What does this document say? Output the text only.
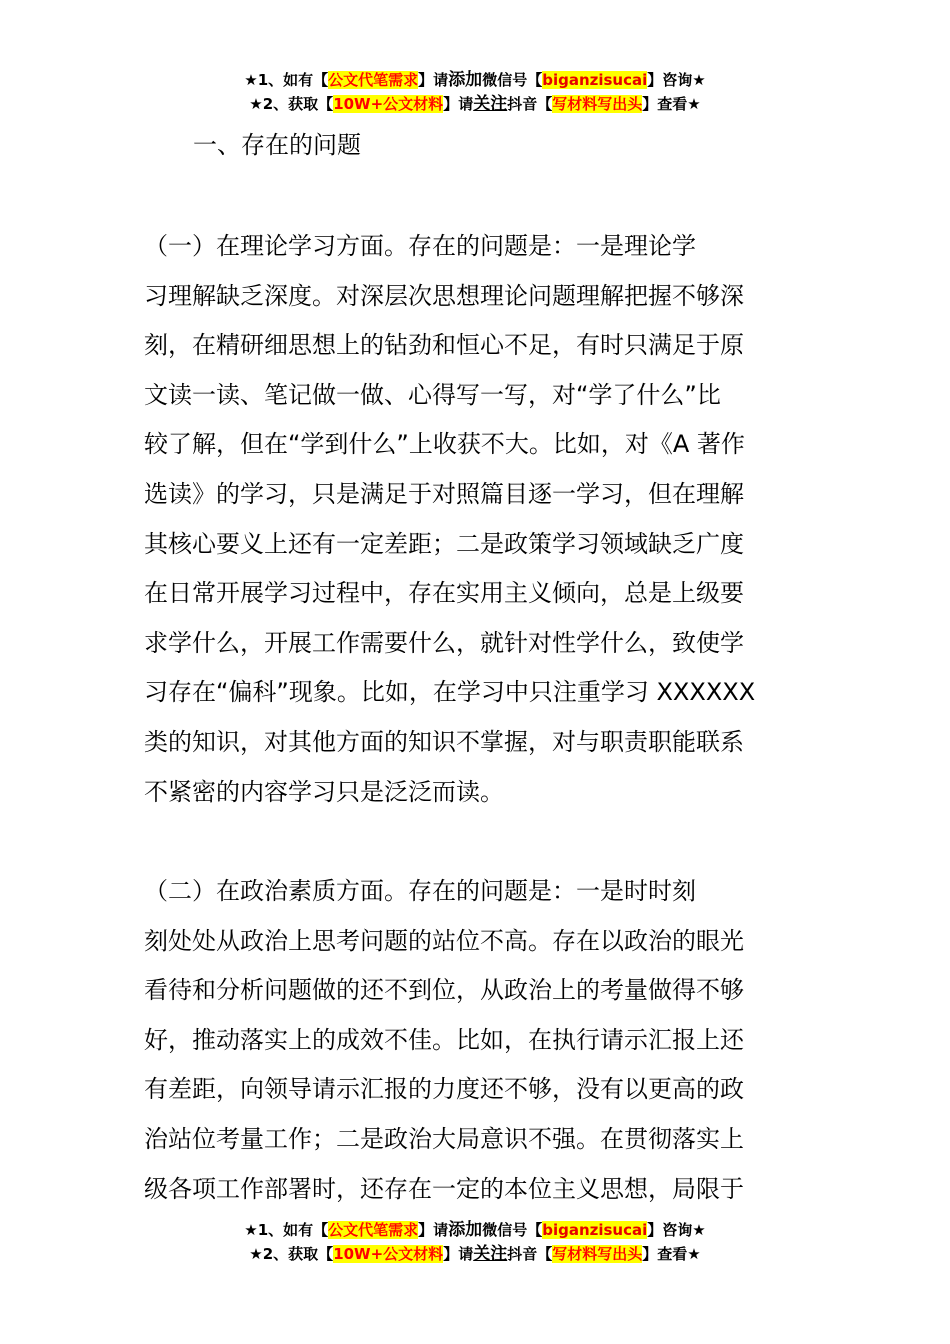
★1、如有【公文代笔需求】请添加微信号【biganzisucai】咨询★
★2、获取【10W+公文材料】请关注抖音【写材料写出头】查看★
一、存在的问题
（一）在理论学习方面。存在的问题是：一是理论学
习理解缺乏深度。对深层次思想理论问题理解把握不够深
刻，在精研细思想上的钻劲和恒心不足，有时只满足于原
文读一读、笔记做一做、心得写一写，对“学了什么”比
较了解，但在“学到什么”上收获不大。比如，对《A 著作
选读》的学习，只是满足于对照篇目逐一学习，但在理解
其核心要义上还有一定差距；二是政策学习领域缺乏广度
在日常开展学习过程中，存在实用主义倾向，总是上级要
求学什么，开展工作需要什么，就针对性学什么，致使学
习存在“偏科”现象。比如，在学习中只注重学习 XXXXXX
类的知识，对其他方面的知识不掌握，对与职责职能联系
不紧密的内容学习只是泛泛而读。
（二）在政治素质方面。存在的问题是：一是时时刻
刻处处从政治上思考问题的站位不高。存在以政治的眼光
看待和分析问题做的还不到位，从政治上的考量做得不够
好，推动落实上的成效不佳。比如，在执行请示汇报上还
有差距，向领导请示汇报的力度还不够，没有以更高的政
治站位考量工作；二是政治大局意识不强。在贯彻落实上
级各项工作部署时，还存在一定的本位主义思想，局限于
★1、如有【公文代笔需求】请添加微信号【biganzisucai】咨询★
★2、获取【10W+公文材料】请关注抖音【写材料写出头】查看★
